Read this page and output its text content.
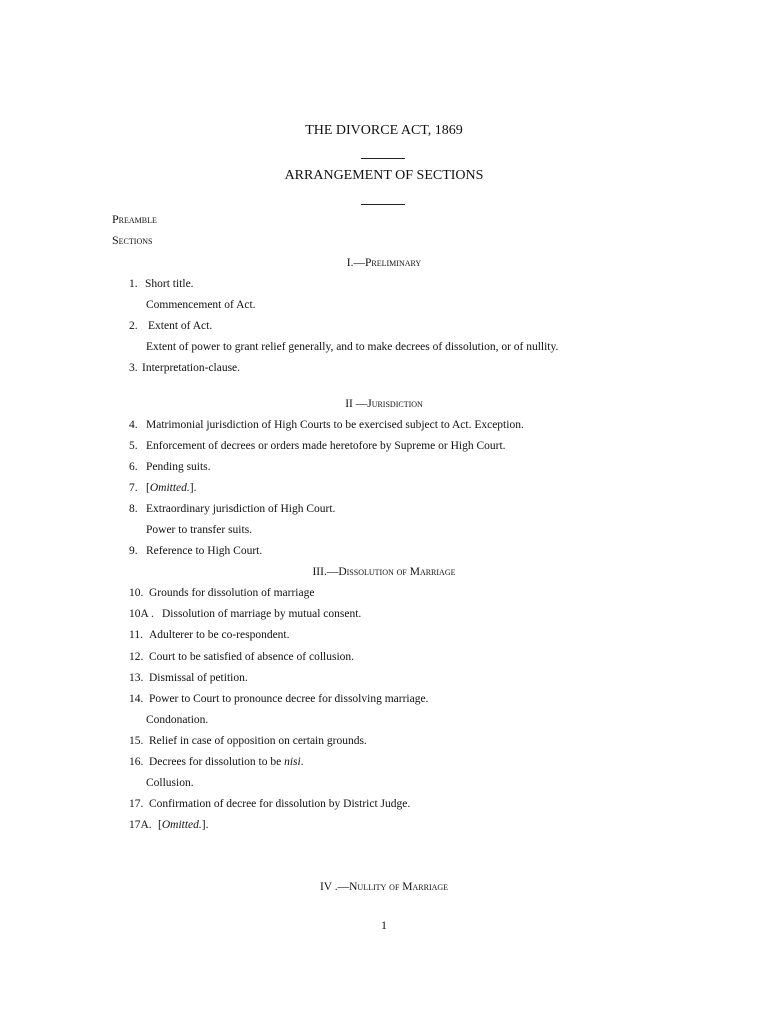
THE DIVORCE ACT, 1869
ARRANGEMENT OF SECTIONS
Preamble
Sections
I.—Preliminary
1. Short title.
Commencement of Act.
2. Extent of Act.
Extent of power to grant relief generally, and to make decrees of dissolution, or of nullity.
3. Interpretation-clause.
II —Jurisdiction
4. Matrimonial jurisdiction of High Courts to be exercised subject to Act. Exception.
5. Enforcement of decrees or orders made heretofore by Supreme or High Court.
6. Pending suits.
7. [Omitted.].
8. Extraordinary jurisdiction of High Court.
Power to transfer suits.
9. Reference to High Court.
III.—Dissolution of Marriage
10. Grounds for dissolution of marriage
10A . Dissolution of marriage by mutual consent.
11. Adulterer to be co-respondent.
12. Court to be satisfied of absence of collusion.
13. Dismissal of petition.
14. Power to Court to pronounce decree for dissolving marriage.
Condonation.
15. Relief in case of opposition on certain grounds.
16. Decrees for dissolution to be nisi.
Collusion.
17. Confirmation of decree for dissolution by District Judge.
17A. [Omitted.].
IV .—Nullity of Marriage
1
